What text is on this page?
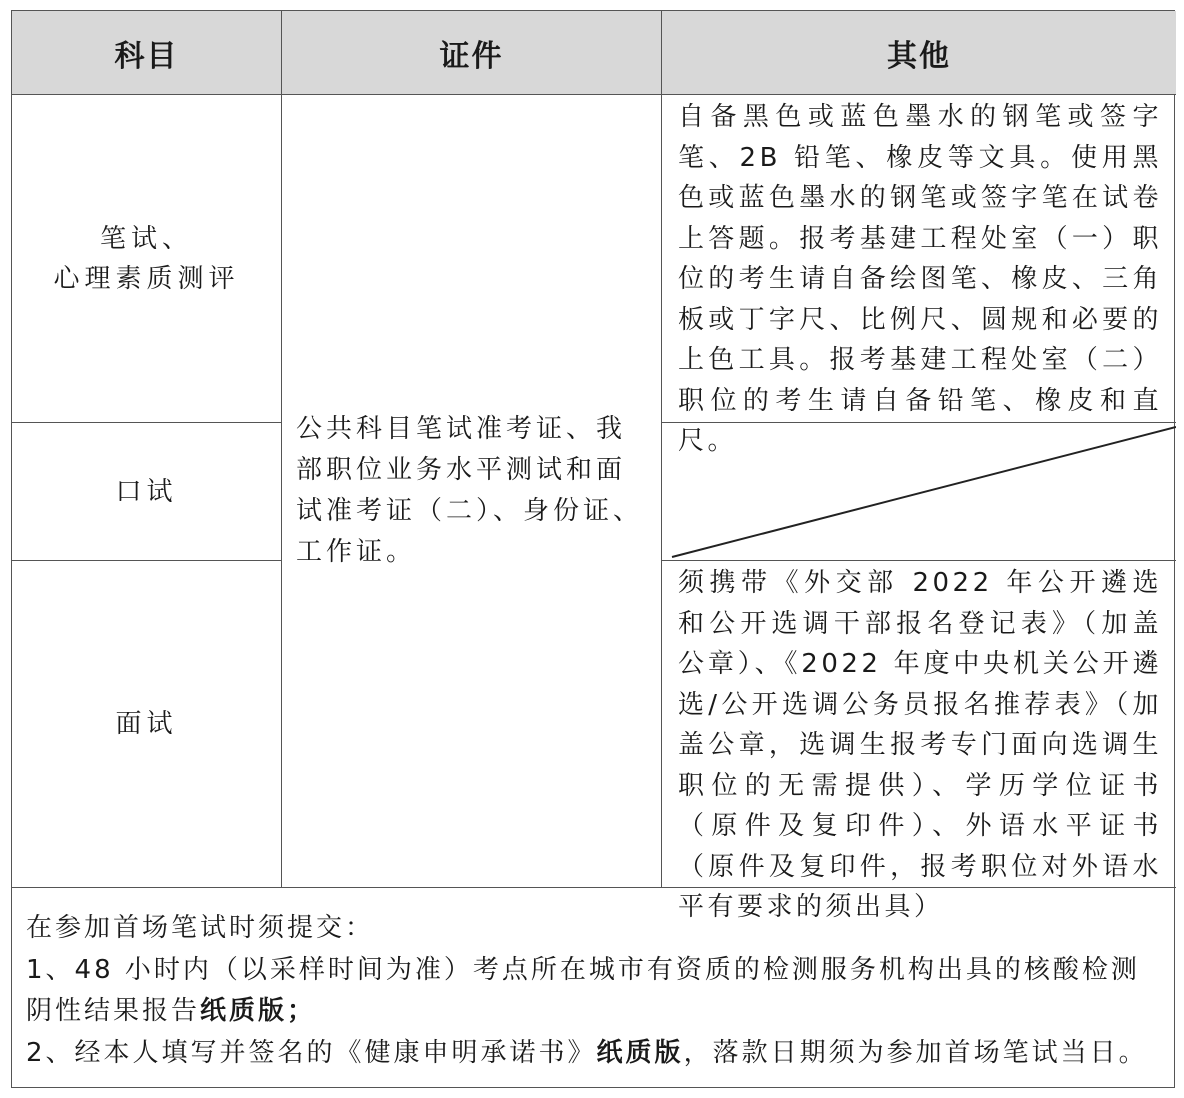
科目	证件	其他
笔试、
心理素质测评
口试
面试
公共科目笔试准考证、我部职位业务水平测试和面试准考证（二）、身份证、工作证。
自备黑色或蓝色墨水的钢笔或签字笔、2B 铅笔、橡皮等文具。使用黑色或蓝色墨水的钢笔或签字笔在试卷上答题。报考基建工程处室（一）职位的考生请自备绘图笔、橡皮、三角板或丁字尺、比例尺、圆规和必要的上色工具。报考基建工程处室（二）职位的考生请自备铅笔、橡皮和直尺。
须携带《外交部 2022 年公开遴选和公开选调干部报名登记表》（加盖公章）、《2022 年度中央机关公开遴选/公开选调公务员报名推荐表》（加盖公章，选调生报考专门面向选调生职位的无需提供）、学历学位证书（原件及复印件）、外语水平证书（原件及复印件，报考职位对外语水平有要求的须出具）
在参加首场笔试时须提交：
1、48 小时内（以采样时间为准）考点所在城市有资质的检测服务机构出具的核酸检测阴性结果报告纸质版；
2、经本人填写并签名的《健康申明承诺书》纸质版，落款日期须为参加首场笔试当日。
